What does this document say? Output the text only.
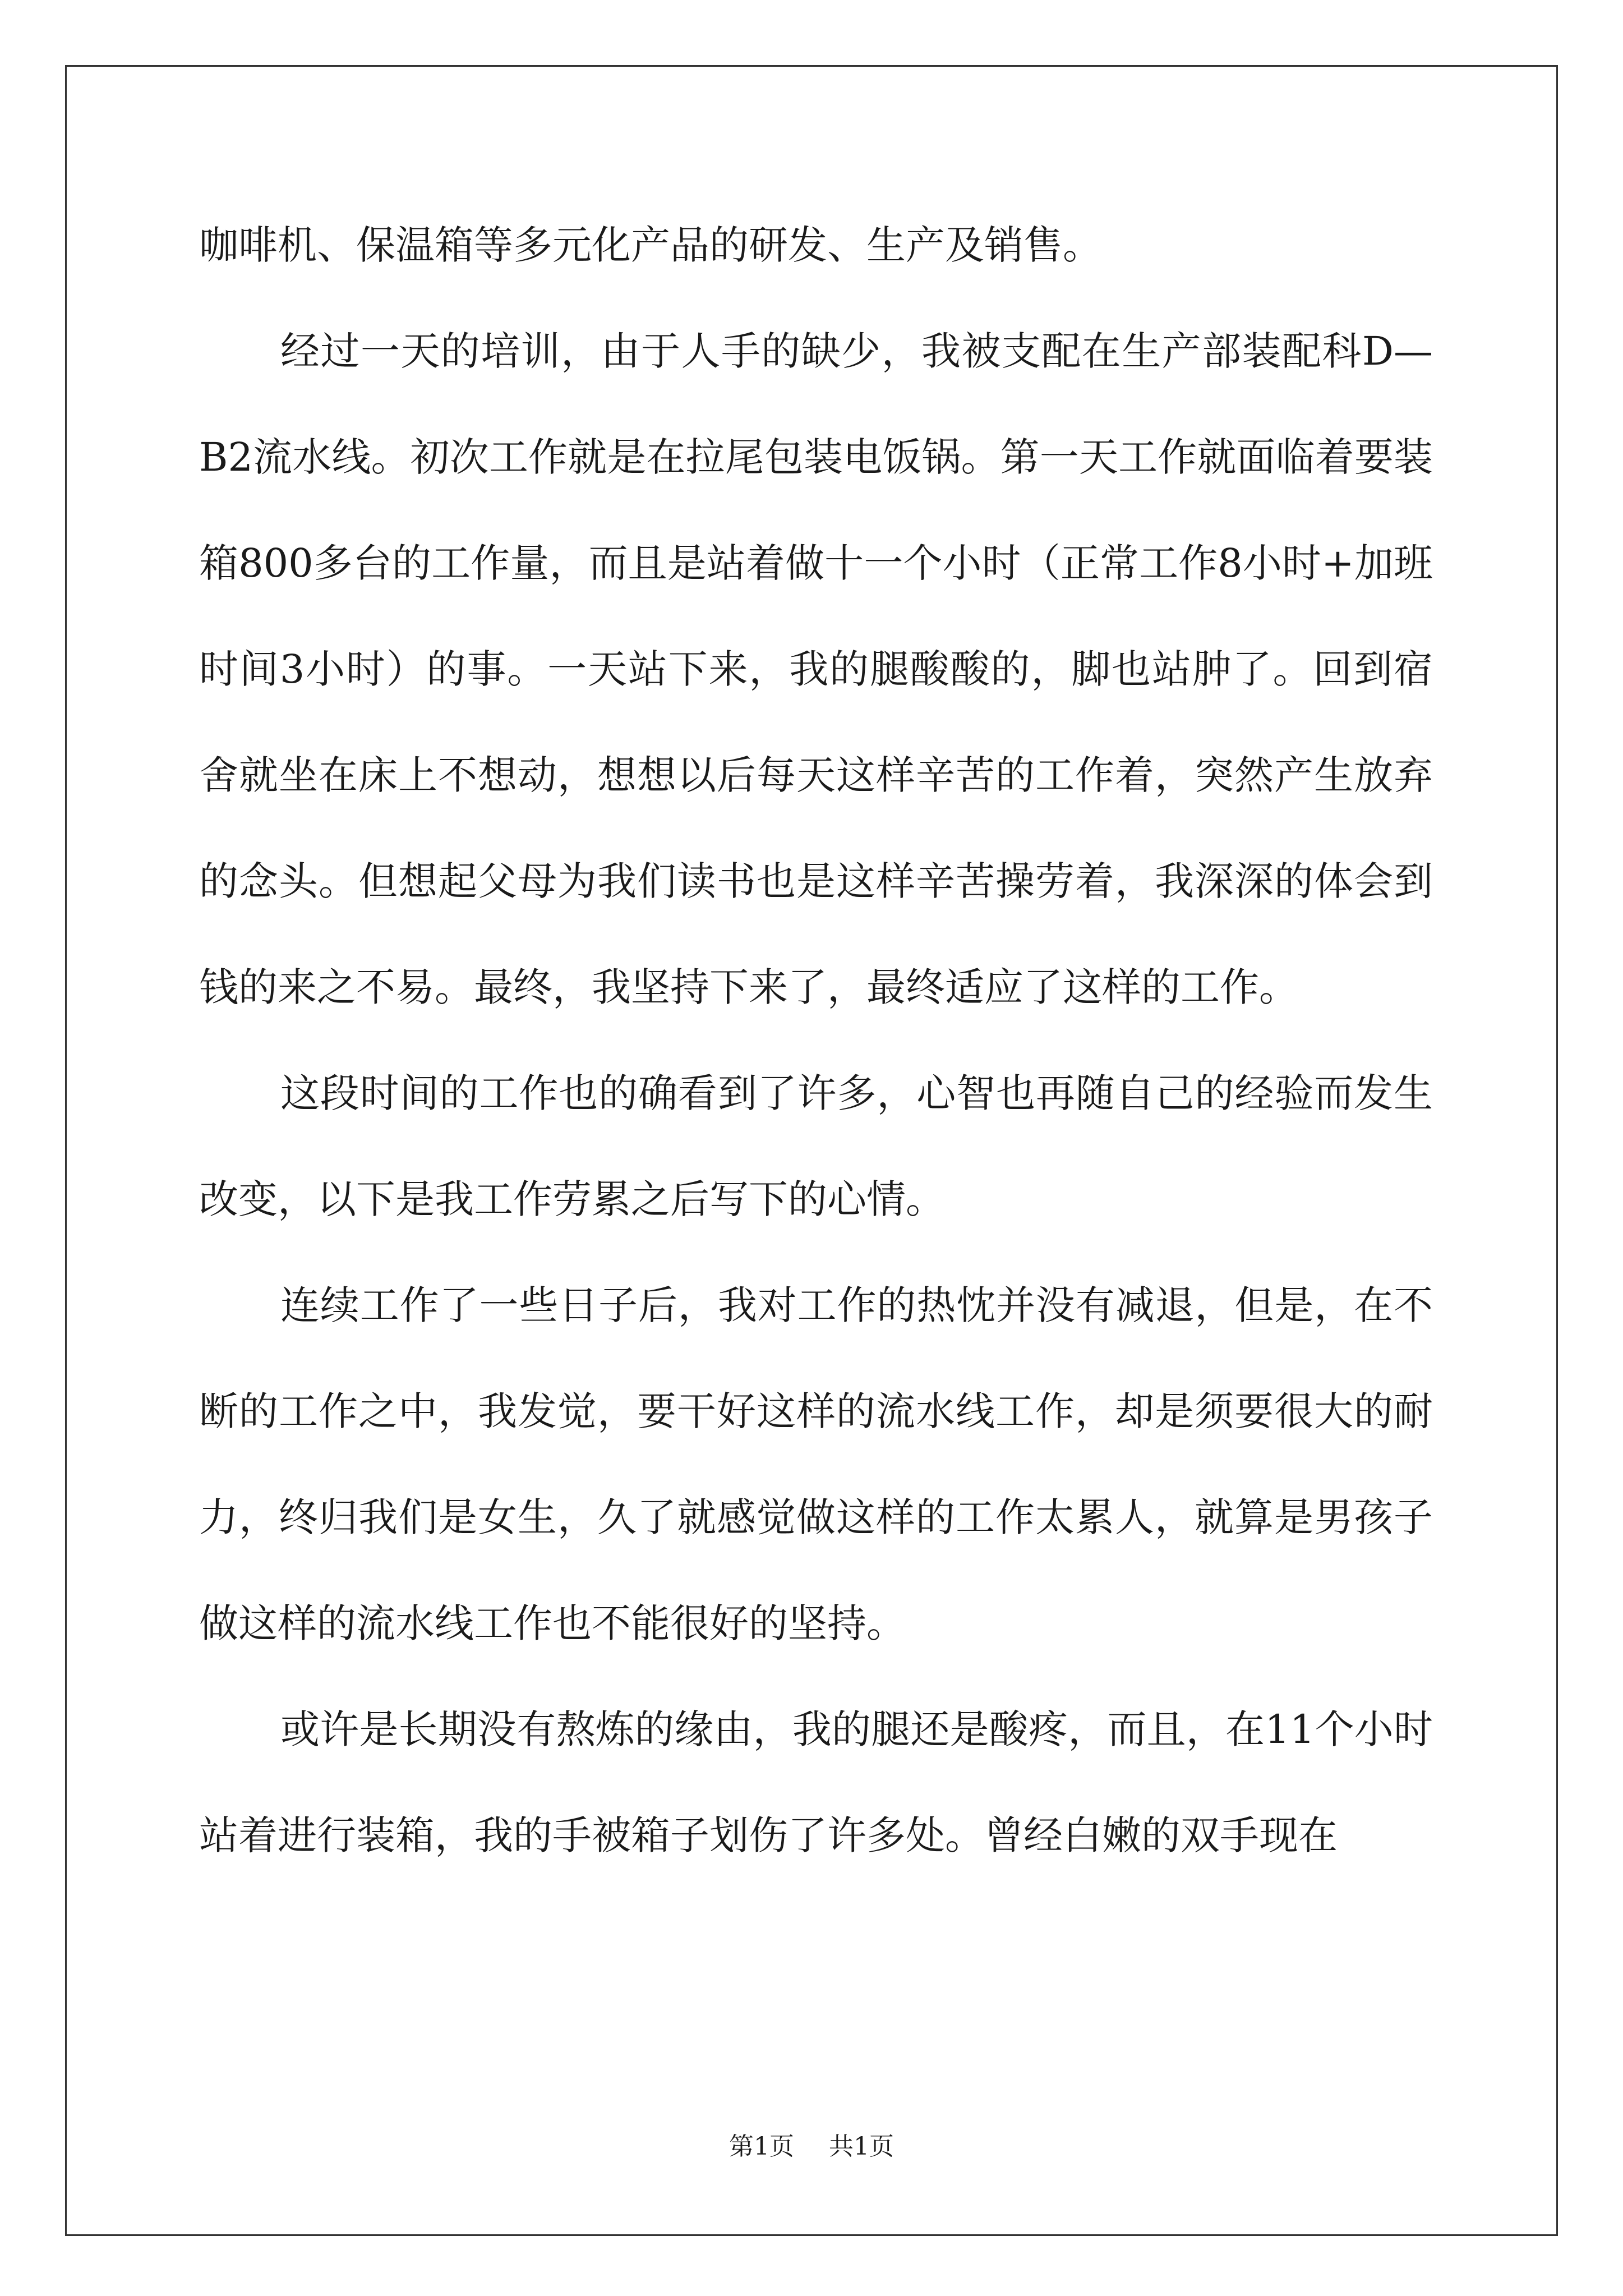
咖啡机、保温箱等多元化产品的研发、生产及销售。

经过一天的培训，由于人手的缺少，我被支配在生产部装配科D—B2流水线。初次工作就是在拉尾包装电饭锅。第一天工作就面临着要装箱800多台的工作量，而且是站着做十一个小时（正常工作8小时+加班时间3小时）的事。一天站下来，我的腿酸酸的，脚也站肿了。回到宿舍就坐在床上不想动，想想以后每天这样辛苦的工作着，突然产生放弃的念头。但想起父母为我们读书也是这样辛苦操劳着，我深深的体会到钱的来之不易。最终，我坚持下来了，最终适应了这样的工作。

这段时间的工作也的确看到了许多，心智也再随自己的经验而发生改变，以下是我工作劳累之后写下的心情。

连续工作了一些日子后，我对工作的热忱并没有减退，但是，在不断的工作之中，我发觉，要干好这样的流水线工作，却是须要很大的耐力，终归我们是女生，久了就感觉做这样的工作太累人，就算是男孩子做这样的流水线工作也不能很好的坚持。

或许是长期没有熬炼的缘由，我的腿还是酸疼，而且，在11个小时站着进行装箱，我的手被箱子划伤了许多处。曾经白嫩的双手现在

第1页 共1页
